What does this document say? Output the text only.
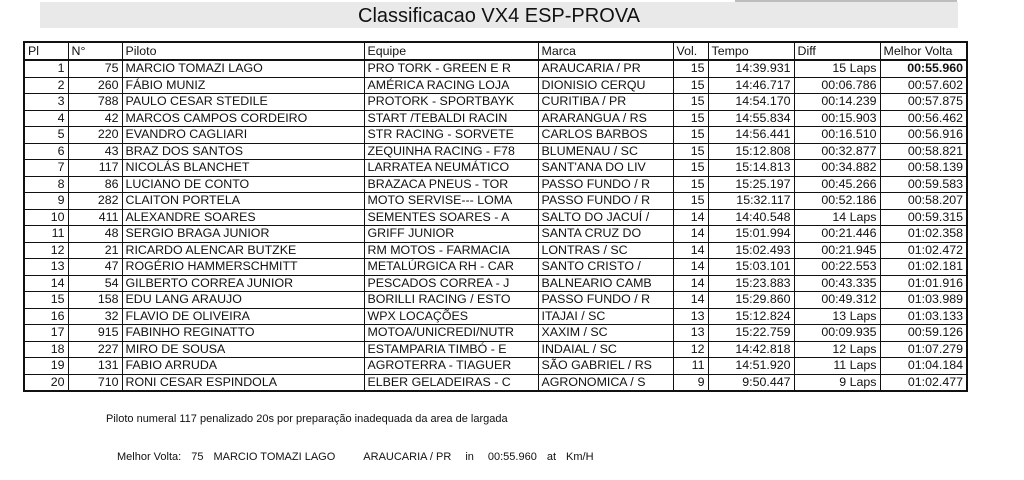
Classificacao VX4 ESP-PROVA
Pl	N°	Piloto	Equipe	Marca	Vol.	Tempo	Diff	Melhor Volta
1	75	MARCIO TOMAZI LAGO	PRO TORK - GREEN E R	ARAUCARIA / PR	15	14:39.931	15 Laps	00:55.960
2	260	FÁBIO MUNIZ	AMÉRICA RACING LOJA	DIONISIO CERQU	15	14:46.717	00:06.786	00:57.602
3	788	PAULO CESAR STEDILE	PROTORK - SPORTBAYK	CURITIBA / PR	15	14:54.170	00:14.239	00:57.875
4	42	MARCOS CAMPOS CORDEIRO	START /TEBALDI RACIN	ARARANGUA / RS	15	14:55.834	00:15.903	00:56.462
5	220	EVANDRO CAGLIARI	STR RACING - SORVETE	CARLOS BARBOS	15	14:56.441	00:16.510	00:56.916
6	43	BRAZ DOS SANTOS	ZEQUINHA RACING - F78	BLUMENAU / SC	15	15:12.808	00:32.877	00:58.821
7	117	NICOLÁS BLANCHET	LARRATEA NEUMÁTICO	SANT'ANA DO LIV	15	15:14.813	00:34.882	00:58.139
8	86	LUCIANO DE CONTO	BRAZACA PNEUS - TOR	PASSO FUNDO / R	15	15:25.197	00:45.266	00:59.583
9	282	CLAITON PORTELA	MOTO SERVISE--- LOMA	PASSO FUNDO / R	15	15:32.117	00:52.186	00:58.207
10	411	ALEXANDRE SOARES	SEMENTES SOARES - A	SALTO DO JACUÍ /	14	14:40.548	14 Laps	00:59.315
11	48	SERGIO BRAGA JUNIOR	GRIFF JUNIOR	SANTA CRUZ DO	14	15:01.994	00:21.446	01:02.358
12	21	RICARDO ALENCAR BUTZKE	RM MOTOS - FARMACIA	LONTRAS / SC	14	15:02.493	00:21.945	01:02.472
13	47	ROGÉRIO HAMMERSCHMITT	METALÚRGICA RH - CAR	SANTO CRISTO /	14	15:03.101	00:22.553	01:02.181
14	54	GILBERTO CORREA JUNIOR	PESCADOS CORREA - J	BALNEARIO CAMB	14	15:23.883	00:43.335	01:01.916
15	158	EDU LANG ARAUJO	BORILLI RACING / ESTO	PASSO FUNDO / R	14	15:29.860	00:49.312	01:03.989
16	32	FLAVIO DE OLIVEIRA	WPX LOCAÇÕES	ITAJAI / SC	13	15:12.824	13 Laps	01:03.133
17	915	FABINHO REGINATTO	MOTOA/UNICREDI/NUTR	XAXIM / SC	13	15:22.759	00:09.935	00:59.126
18	227	MIRO DE SOUSA	ESTAMPARIA TIMBÓ - E	INDAIAL / SC	12	14:42.818	12 Laps	01:07.279
19	131	FABIO ARRUDA	AGROTERRA - TIAGUER	SÃO GABRIEL / RS	11	14:51.920	11 Laps	01:04.184
20	710	RONI CESAR ESPINDOLA	ELBER GELADEIRAS - C	AGRONOMICA / S	9	9:50.447	9 Laps	01:02.477
Piloto numeral 117 penalizado 20s por preparação inadequada da area de largada
Melhor Volta: 75 MARCIO TOMAZI LAGO	ARAUCARIA / PR in 00:55.960 at Km/H
